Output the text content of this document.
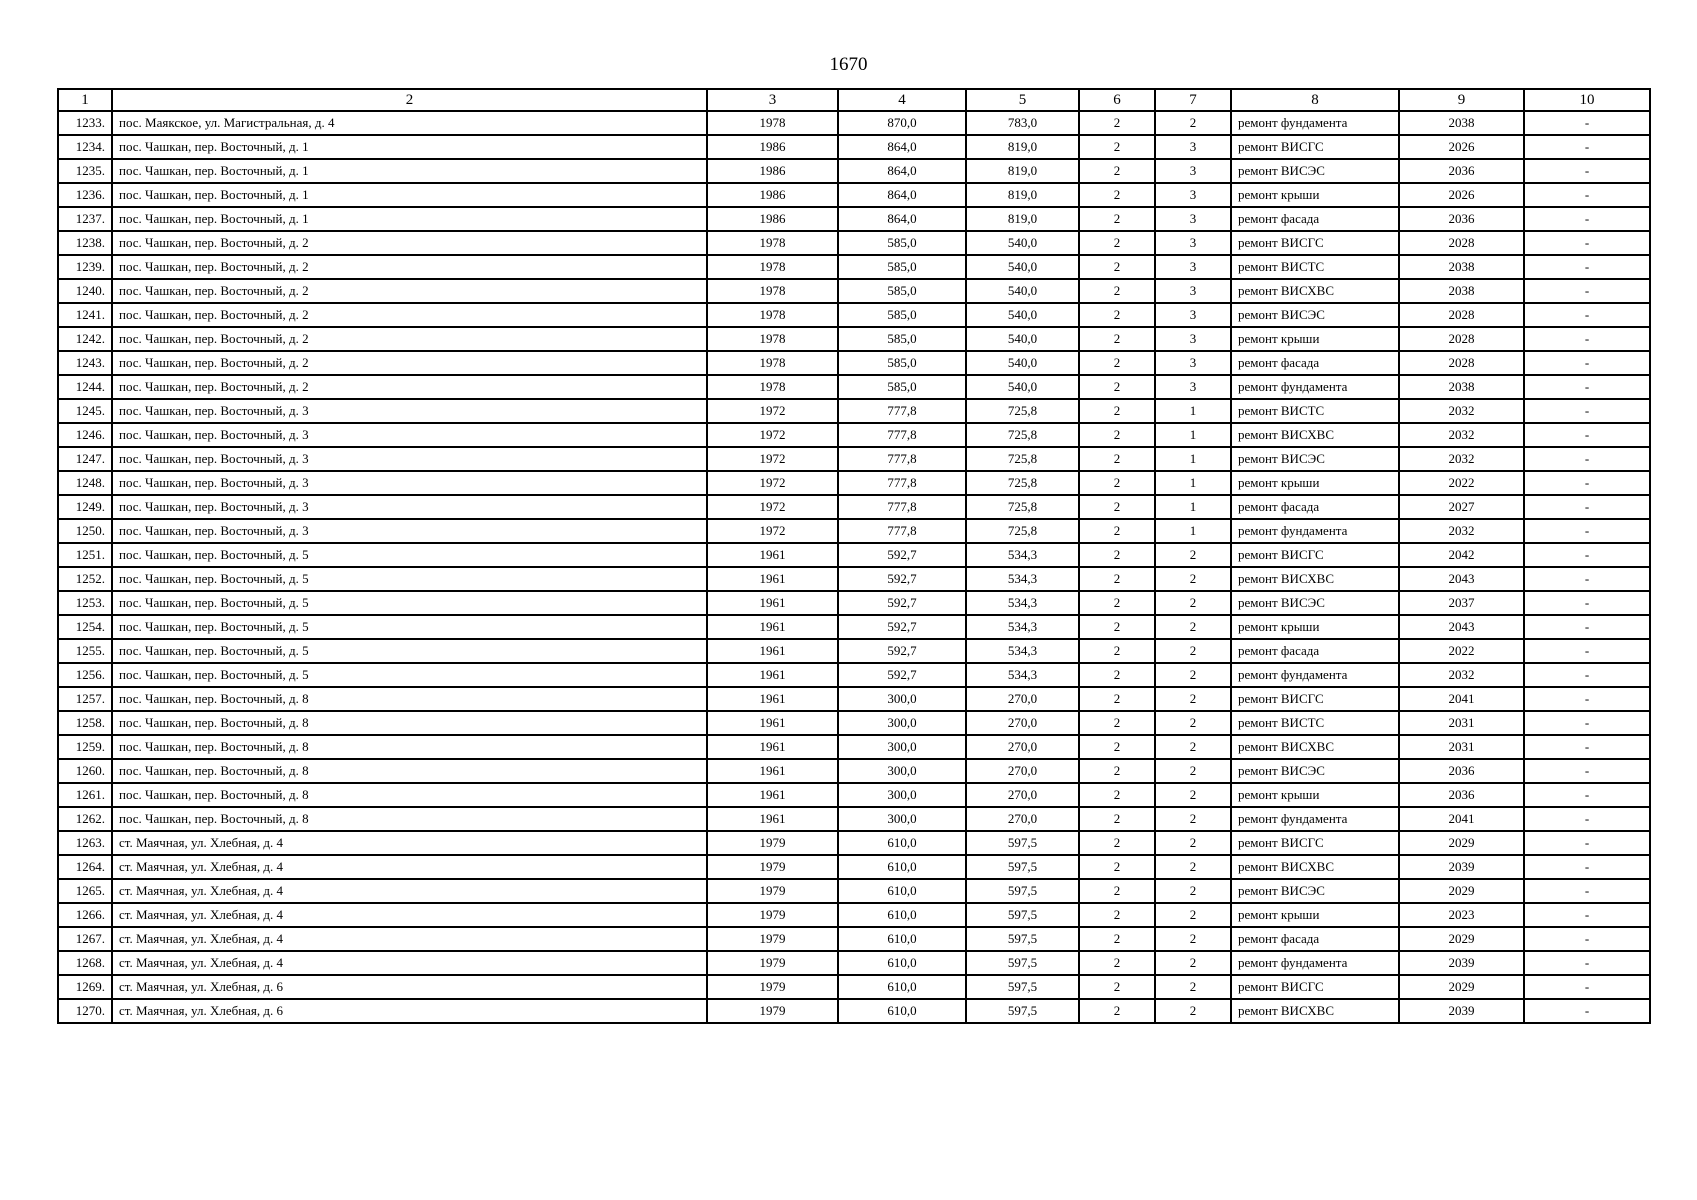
1670
1	2	3	4	5	6	7	8	9	10
1233.	пос. Маякское, ул. Магистральная, д. 4	1978	870,0	783,0	2	2	ремонт фундамента	2038	-
1234.	пос. Чашкан, пер. Восточный, д. 1	1986	864,0	819,0	2	3	ремонт ВИСГС	2026	-
1235.	пос. Чашкан, пер. Восточный, д. 1	1986	864,0	819,0	2	3	ремонт ВИСЭС	2036	-
1236.	пос. Чашкан, пер. Восточный, д. 1	1986	864,0	819,0	2	3	ремонт крыши	2026	-
1237.	пос. Чашкан, пер. Восточный, д. 1	1986	864,0	819,0	2	3	ремонт фасада	2036	-
1238.	пос. Чашкан, пер. Восточный, д. 2	1978	585,0	540,0	2	3	ремонт ВИСГС	2028	-
1239.	пос. Чашкан, пер. Восточный, д. 2	1978	585,0	540,0	2	3	ремонт ВИСТС	2038	-
1240.	пос. Чашкан, пер. Восточный, д. 2	1978	585,0	540,0	2	3	ремонт ВИСХВС	2038	-
1241.	пос. Чашкан, пер. Восточный, д. 2	1978	585,0	540,0	2	3	ремонт ВИСЭС	2028	-
1242.	пос. Чашкан, пер. Восточный, д. 2	1978	585,0	540,0	2	3	ремонт крыши	2028	-
1243.	пос. Чашкан, пер. Восточный, д. 2	1978	585,0	540,0	2	3	ремонт фасада	2028	-
1244.	пос. Чашкан, пер. Восточный, д. 2	1978	585,0	540,0	2	3	ремонт фундамента	2038	-
1245.	пос. Чашкан, пер. Восточный, д. 3	1972	777,8	725,8	2	1	ремонт ВИСТС	2032	-
1246.	пос. Чашкан, пер. Восточный, д. 3	1972	777,8	725,8	2	1	ремонт ВИСХВС	2032	-
1247.	пос. Чашкан, пер. Восточный, д. 3	1972	777,8	725,8	2	1	ремонт ВИСЭС	2032	-
1248.	пос. Чашкан, пер. Восточный, д. 3	1972	777,8	725,8	2	1	ремонт крыши	2022	-
1249.	пос. Чашкан, пер. Восточный, д. 3	1972	777,8	725,8	2	1	ремонт фасада	2027	-
1250.	пос. Чашкан, пер. Восточный, д. 3	1972	777,8	725,8	2	1	ремонт фундамента	2032	-
1251.	пос. Чашкан, пер. Восточный, д. 5	1961	592,7	534,3	2	2	ремонт ВИСГС	2042	-
1252.	пос. Чашкан, пер. Восточный, д. 5	1961	592,7	534,3	2	2	ремонт ВИСХВС	2043	-
1253.	пос. Чашкан, пер. Восточный, д. 5	1961	592,7	534,3	2	2	ремонт ВИСЭС	2037	-
1254.	пос. Чашкан, пер. Восточный, д. 5	1961	592,7	534,3	2	2	ремонт крыши	2043	-
1255.	пос. Чашкан, пер. Восточный, д. 5	1961	592,7	534,3	2	2	ремонт фасада	2022	-
1256.	пос. Чашкан, пер. Восточный, д. 5	1961	592,7	534,3	2	2	ремонт фундамента	2032	-
1257.	пос. Чашкан, пер. Восточный, д. 8	1961	300,0	270,0	2	2	ремонт ВИСГС	2041	-
1258.	пос. Чашкан, пер. Восточный, д. 8	1961	300,0	270,0	2	2	ремонт ВИСТС	2031	-
1259.	пос. Чашкан, пер. Восточный, д. 8	1961	300,0	270,0	2	2	ремонт ВИСХВС	2031	-
1260.	пос. Чашкан, пер. Восточный, д. 8	1961	300,0	270,0	2	2	ремонт ВИСЭС	2036	-
1261.	пос. Чашкан, пер. Восточный, д. 8	1961	300,0	270,0	2	2	ремонт крыши	2036	-
1262.	пос. Чашкан, пер. Восточный, д. 8	1961	300,0	270,0	2	2	ремонт фундамента	2041	-
1263.	ст. Маячная, ул. Хлебная, д. 4	1979	610,0	597,5	2	2	ремонт ВИСГС	2029	-
1264.	ст. Маячная, ул. Хлебная, д. 4	1979	610,0	597,5	2	2	ремонт ВИСХВС	2039	-
1265.	ст. Маячная, ул. Хлебная, д. 4	1979	610,0	597,5	2	2	ремонт ВИСЭС	2029	-
1266.	ст. Маячная, ул. Хлебная, д. 4	1979	610,0	597,5	2	2	ремонт крыши	2023	-
1267.	ст. Маячная, ул. Хлебная, д. 4	1979	610,0	597,5	2	2	ремонт фасада	2029	-
1268.	ст. Маячная, ул. Хлебная, д. 4	1979	610,0	597,5	2	2	ремонт фундамента	2039	-
1269.	ст. Маячная, ул. Хлебная, д. 6	1979	610,0	597,5	2	2	ремонт ВИСГС	2029	-
1270.	ст. Маячная, ул. Хлебная, д. 6	1979	610,0	597,5	2	2	ремонт ВИСХВС	2039	-
